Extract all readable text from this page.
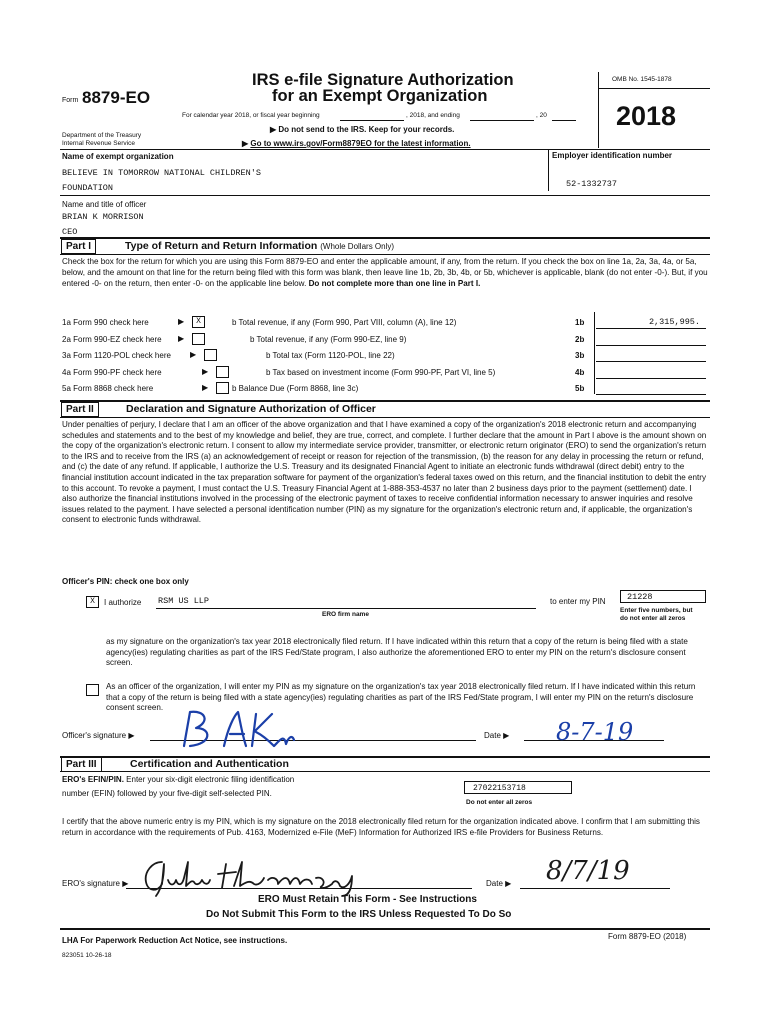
Form 8879-EO
IRS e-file Signature Authorization
for an Exempt Organization
OMB No. 1545-1878
2018
For calendar year 2018, or fiscal year beginning	, 2018, and ending	, 20
▶ Do not send to the IRS. Keep for your records.
▶ Go to www.irs.gov/Form8879EO for the latest information.
Department of the Treasury
Internal Revenue Service
Name of exempt organization	Employer identification number
BELIEVE IN TOMORROW NATIONAL CHILDREN'S
FOUNDATION	52-1332737
Name and title of officer
BRIAN K MORRISON
CEO
Part I	Type of Return and Return Information (Whole Dollars Only)
Check the box for the return for which you are using this Form 8879-EO and enter the applicable amount, if any, from the return. If you check the box on line 1a, 2a, 3a, 4a, or 5a, below, and the amount on that line for the return being filed with this form was blank, then leave line 1b, 2b, 3b, 4b, or 5b, whichever is applicable, blank (do not enter -0-). But, if you entered -0- on the return, then enter -0- on the applicable line below. Do not complete more than one line in Part I.
1a Form 990 check here	▶	X	b Total revenue, if any (Form 990, Part VIII, column (A), line 12)	1b	2,315,995.
2a Form 990-EZ check here ▶	b Total revenue, if any (Form 990-EZ, line 9)	2b
3a Form 1120-POL check here ▶	b Total tax (Form 1120-POL, line 22)	3b
4a Form 990-PF check here	▶	b Tax based on investment income (Form 990-PF, Part VI, line 5)	4b
5a Form 8868 check here	▶	b Balance Due (Form 8868, line 3c)	5b
Part II	Declaration and Signature Authorization of Officer
Under penalties of perjury, I declare that I am an officer of the above organization and that I have examined a copy of the organization's 2018 electronic return and accompanying schedules and statements and to the best of my knowledge and belief, they are true, correct, and complete. I further declare that the amount in Part I above is the amount shown on the copy of the organization's electronic return. I consent to allow my intermediate service provider, transmitter, or electronic return originator (ERO) to send the organization's return to the IRS and to receive from the IRS (a) an acknowledgement of receipt or reason for rejection of the transmission, (b) the reason for any delay in processing the return or refund, and (c) the date of any refund. If applicable, I authorize the U.S. Treasury and its designated Financial Agent to initiate an electronic funds withdrawal (direct debit) entry to the financial institution account indicated in the tax preparation software for payment of the organization's federal taxes owed on this return, and the financial institution to debit the entry to this account. To revoke a payment, I must contact the U.S. Treasury Financial Agent at 1-888-353-4537 no later than 2 business days prior to the payment (settlement) date. I also authorize the financial institutions involved in the processing of the electronic payment of taxes to receive confidential information necessary to answer inquiries and resolve issues related to the payment. I have selected a personal identification number (PIN) as my signature for the organization's electronic return and, if applicable, the organization's consent to electronic funds withdrawal.
Officer's PIN: check one box only
X	I authorize RSM US LLP
ERO firm name
to enter my PIN	21228
Enter five numbers, but
do not enter all zeros
as my signature on the organization's tax year 2018 electronically filed return. If I have indicated within this return that a copy of the return is being filed with a state agency(ies) regulating charities as part of the IRS Fed/State program, I also authorize the aforementioned ERO to enter my PIN on the return's disclosure consent screen.
As an officer of the organization, I will enter my PIN as my signature on the organization's tax year 2018 electronically filed return. If I have indicated within this return that a copy of the return is being filed with a state agency(ies) regulating charities as part of the IRS Fed/State program, I will enter my PIN on the return's disclosure consent screen.
Officer's signature ▶	Date ▶ 8-7-19
Part III	Certification and Authentication
ERO's EFIN/PIN. Enter your six-digit electronic filing identification
number (EFIN) followed by your five-digit self-selected PIN.
27022153718
Do not enter all zeros
I certify that the above numeric entry is my PIN, which is my signature on the 2018 electronically filed return for the organization indicated above. I confirm that I am submitting this return in accordance with the requirements of Pub. 4163, Modernized e-File (MeF) Information for Authorized IRS e-file Providers for Business Returns.
ERO's signature ▶	Date ▶ 8/7/19
ERO Must Retain This Form - See Instructions
Do Not Submit This Form to the IRS Unless Requested To Do So
LHA For Paperwork Reduction Act Notice, see instructions.	Form 8879-EO (2018)
823051 10-26-18
